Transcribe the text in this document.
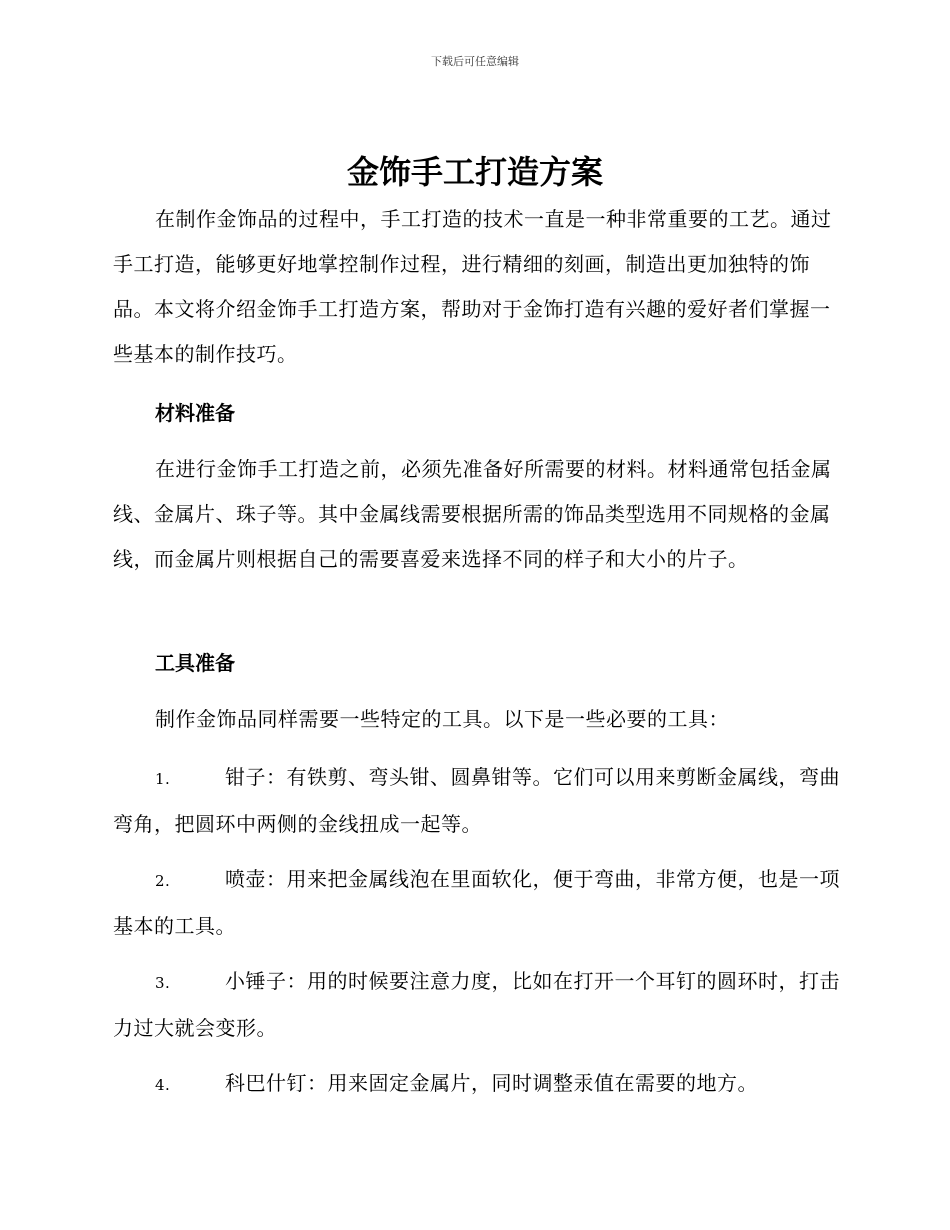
下载后可任意编辑
金饰手工打造方案

在制作金饰品的过程中，手工打造的技术一直是一种非常重要的工艺。通过手工打造，能够更好地掌控制作过程，进行精细的刻画，制造出更加独特的饰品。本文将介绍金饰手工打造方案，帮助对于金饰打造有兴趣的爱好者们掌握一些基本的制作技巧。

材料准备

在进行金饰手工打造之前，必须先准备好所需要的材料。材料通常包括金属线、金属片、珠子等。其中金属线需要根据所需的饰品类型选用不同规格的金属线，而金属片则根据自己的需要喜爱来选择不同的样子和大小的片子。

工具准备

制作金饰品同样需要一些特定的工具。以下是一些必要的工具：

1.	钳子：有铁剪、弯头钳、圆鼻钳等。它们可以用来剪断金属线，弯曲弯角，把圆环中两侧的金线扭成一起等。

2.	喷壶：用来把金属线泡在里面软化，便于弯曲，非常方便，也是一项基本的工具。

3.	小锤子：用的时候要注意力度，比如在打开一个耳钉的圆环时，打击力过大就会变形。

4.	科巴什钉：用来固定金属片，同时调整汞值在需要的地方。
